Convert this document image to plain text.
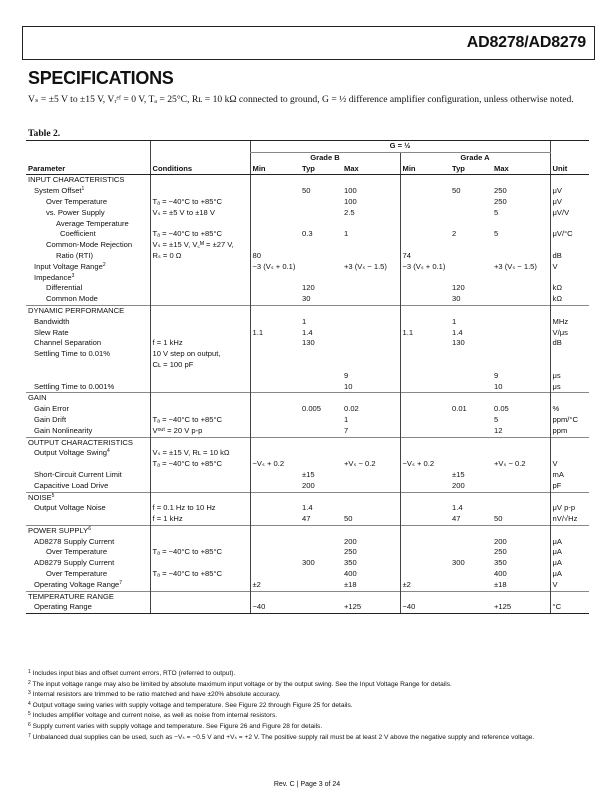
AD8278/AD8279
SPECIFICATIONS
Vₛ = ±5 V to ±15 V, Vᵣᵉᶠ = 0 V, Tₐ = 25°C, Rʟ = 10 kΩ connected to ground, G = ½ difference amplifier configuration, unless otherwise noted.
Table 2.
		G = ½						
		Grade B			Grade A			
Parameter	Conditions	Min	Typ	Max	Min	Typ	Max	Unit
INPUT CHARACTERISTICS								
System Offset$^1$			50	100		50	250	μV
Over Temperature	Tₐ = −40°C to +85°C			100			250	μV
vs. Power Supply	Vₛ = ±5 V to ±18 V			2.5			5	μV/V
Average Temperature								
Coefficient	Tₐ = −40°C to +85°C		0.3	1		2	5	μV/°C
Common-Mode Rejection	Vₛ = ±15 V, V꜀ᴹ = ±27 V,							
Ratio (RTI)	Rₛ = 0 Ω	80			74			dB
Input Voltage Range$^2$		−3 (Vₛ + 0.1)		+3 (Vₛ − 1.5)	−3 (Vₛ + 0.1)		+3 (Vₛ − 1.5)	V
Impedance$^3$								
Differential			120			120		kΩ
Common Mode			30			30		kΩ
DYNAMIC PERFORMANCE								
Bandwidth			1			1		MHz
Slew Rate		1.1	1.4		1.1	1.4		V/μs
Channel Separation	f = 1 kHz		130			130		dB
Settling Time to 0.01%	10 V step on output,							
	Cʟ = 100 pF							
				9			9	μs
Settling Time to 0.001%				10			10	μs
GAIN								
Gain Error			0.005	0.02		0.01	0.05	%
Gain Drift	Tₐ = −40°C to +85°C			1			5	ppm/°C
Gain Nonlinearity	Vᵒᵘᵗ = 20 V p-p			7			12	ppm
OUTPUT CHARACTERISTICS								
Output Voltage Swing$^4$	Vₛ = ±15 V, Rʟ = 10 kΩ							
	Tₐ = −40°C to +85°C	−Vₛ + 0.2		+Vₛ − 0.2	−Vₛ + 0.2		+Vₛ − 0.2	V
Short-Circuit Current Limit			±15			±15		mA
Capacitive Load Drive			200			200		pF
NOISE$^5$								
Output Voltage Noise	f = 0.1 Hz to 10 Hz		1.4			1.4		μV p-p
	f = 1 kHz		47	50		47	50	nV/√Hz
POWER SUPPLY$^6$								
AD8278 Supply Current				200			200	μA
Over Temperature	Tₐ = −40°C to +85°C			250			250	μA
AD8279 Supply Current			300	350		300	350	μA
Over Temperature	Tₐ = −40°C to +85°C			400			400	μA
Operating Voltage Range$^7$		±2		±18	±2		±18	V
TEMPERATURE RANGE								
Operating Range		−40		+125	−40		+125	°C
$^1$ Includes input bias and offset current errors, RTO (referred to output).
$^2$ The input voltage range may also be limited by absolute maximum input voltage or by the output swing. See the Input Voltage Range for details.
$^3$ Internal resistors are trimmed to be ratio matched and have ±20% absolute accuracy.
$^4$ Output voltage swing varies with supply voltage and temperature. See Figure 22 through Figure 25 for details.
$^5$ Includes amplifier voltage and current noise, as well as noise from internal resistors.
$^6$ Supply current varies with supply voltage and temperature. See Figure 26 and Figure 28 for details.
$^7$ Unbalanced dual supplies can be used, such as −Vₛ = −0.5 V and +Vₛ = +2 V. The positive supply rail must be at least 2 V above the negative supply and reference voltage.
Rev. C | Page 3 of 24
